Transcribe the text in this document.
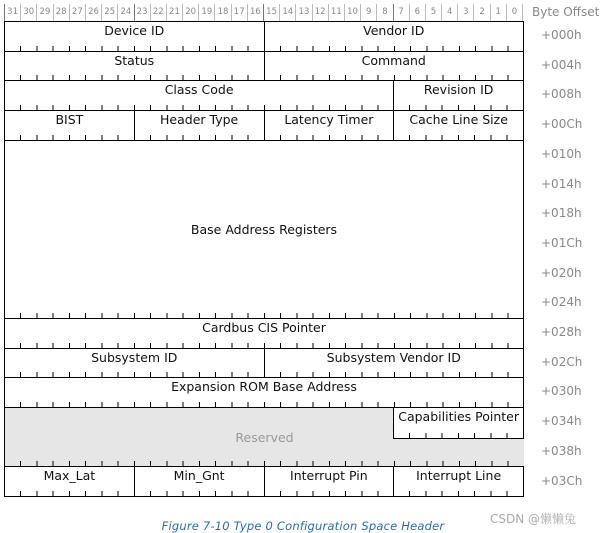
31 30 29 28 27 26 25 24 23 22 21 20 19 18 17 16 15 14 13 12 11 10 9	8	7	6	5	4	3	2	1	0	Byte Offset
Device ID	Vendor ID
Status	Command
Class Code	Revision ID
BIST	Header Type	Latency Timer	Cache Line Size
Base Address Registers
Cardbus CIS Pointer
Subsystem ID	Subsystem Vendor ID
Expansion ROM Base Address
Reserved
Capabilities Pointer
Max_Lat	Min_Gnt	Interrupt Pin	Interrupt Line
+000h
+004h
+008h
+00Ch
+010h
+014h
+018h
+01Ch
+020h
+024h
+028h
+02Ch
+030h
+034h
+038h
+03Ch
Figure 7-10 Type 0 Configuration Space Header	CSDN @懒懒兔
